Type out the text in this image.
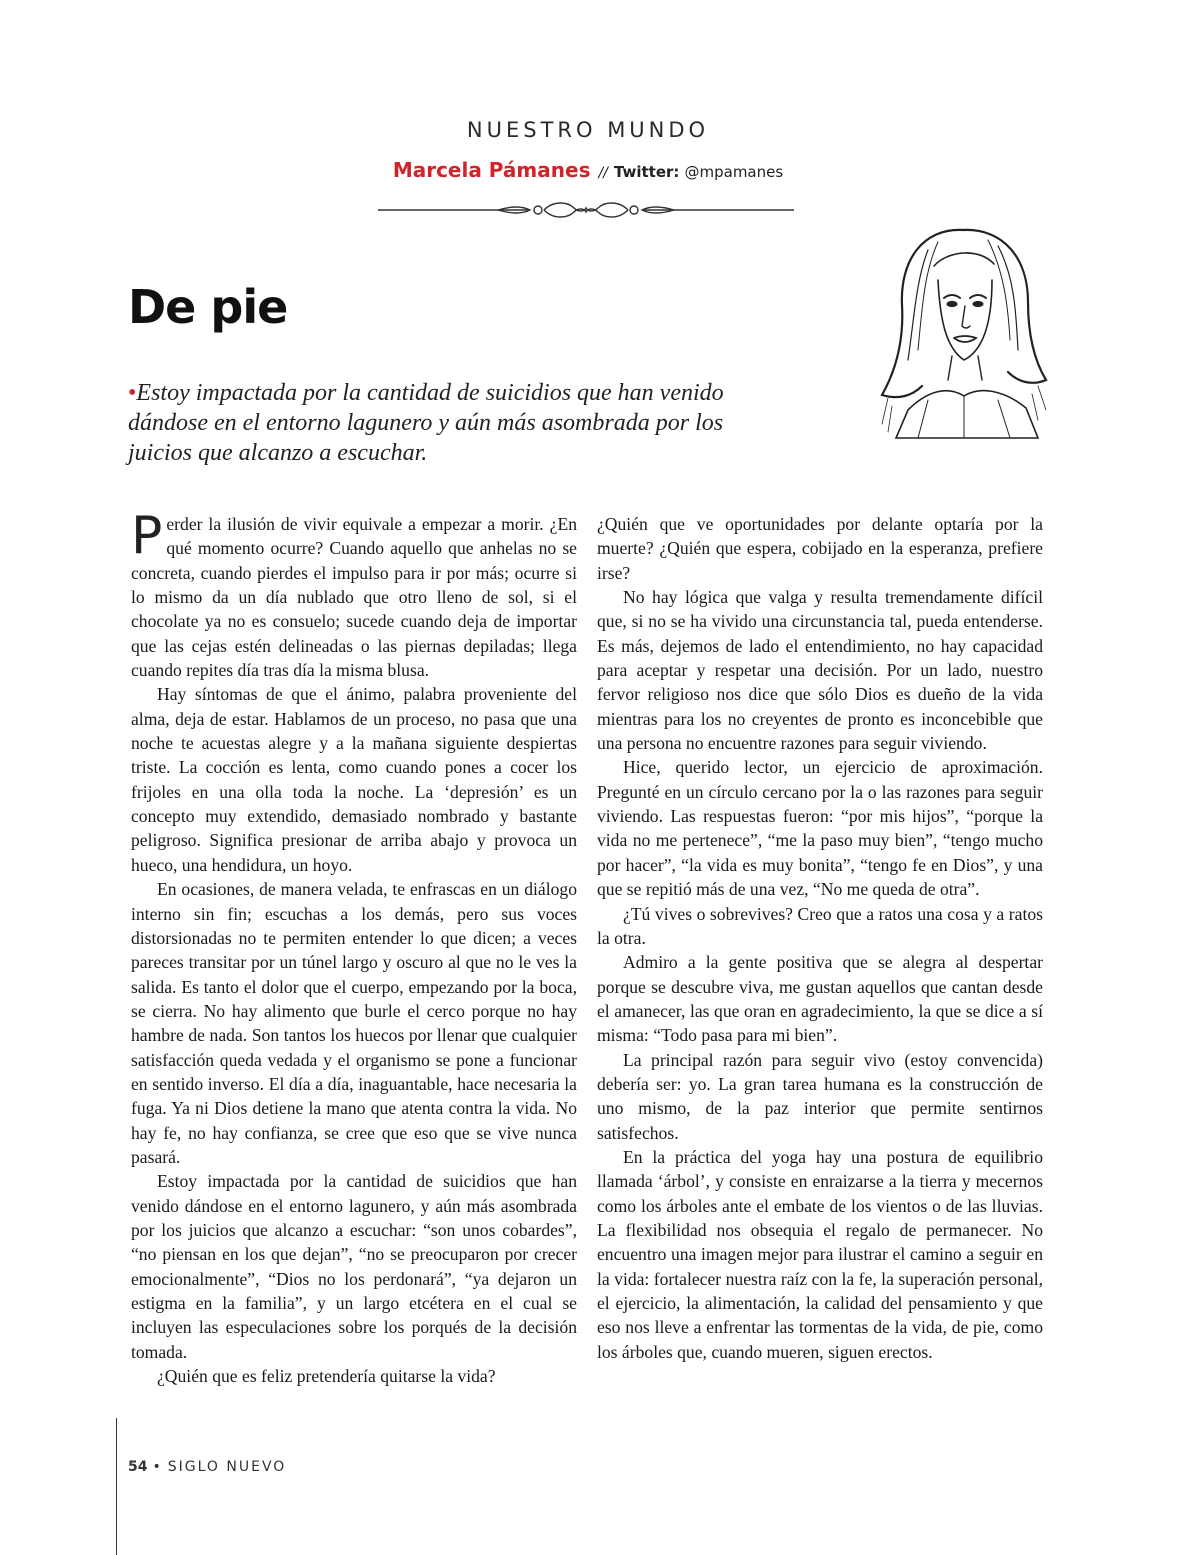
NUESTRO MUNDO
Marcela Pámanes // Twitter: @mpamanes
De pie

•Estoy impactada por la cantidad de suicidios que han venido dándose en el entorno lagunero y aún más asombrada por los juicios que alcanzo a escuchar.

Perder la ilusión de vivir equivale a empezar a morir. ¿En qué momento ocurre? Cuando aquello que anhelas no se concreta, cuando pierdes el impulso para ir por más; ocurre si lo mismo da un día nublado que otro lleno de sol, si el chocolate ya no es consuelo; sucede cuando deja de importar que las cejas estén delineadas o las piernas depiladas; llega cuando repites día tras día la misma blusa.

Hay síntomas de que el ánimo, palabra proveniente del alma, deja de estar. Hablamos de un proceso, no pasa que una noche te acuestas alegre y a la mañana siguiente despiertas triste. La cocción es lenta, como cuando pones a cocer los frijoles en una olla toda la noche. La ‘depresión’ es un concepto muy extendido, demasiado nombrado y bastante peligroso. Significa presionar de arriba abajo y provoca un hueco, una hendidura, un hoyo.

En ocasiones, de manera velada, te enfrascas en un diálogo interno sin fin; escuchas a los demás, pero sus voces distorsionadas no te permiten entender lo que dicen; a veces pareces transitar por un túnel largo y oscuro al que no le ves la salida. Es tanto el dolor que el cuerpo, empezando por la boca, se cierra. No hay alimento que burle el cerco porque no hay hambre de nada. Son tantos los huecos por llenar que cualquier satisfacción queda vedada y el organismo se pone a funcionar en sentido inverso. El día a día, inaguantable, hace necesaria la fuga. Ya ni Dios detiene la mano que atenta contra la vida. No hay fe, no hay confianza, se cree que eso que se vive nunca pasará.

Estoy impactada por la cantidad de suicidios que han venido dándose en el entorno lagunero, y aún más asombrada por los juicios que alcanzo a escuchar: “son unos cobardes”, “no piensan en los que dejan”, “no se preocuparon por crecer emocionalmente”, “Dios no los perdonará”, “ya dejaron un estigma en la familia”, y un largo etcétera en el cual se incluyen las especulaciones sobre los porqués de la decisión tomada.

¿Quién que es feliz pretendería quitarse la vida?

¿Quién que ve oportunidades por delante optaría por la muerte? ¿Quién que espera, cobijado en la esperanza, prefiere irse?

No hay lógica que valga y resulta tremendamente difícil que, si no se ha vivido una circunstancia tal, pueda entenderse. Es más, dejemos de lado el entendimiento, no hay capacidad para aceptar y respetar una decisión. Por un lado, nuestro fervor religioso nos dice que sólo Dios es dueño de la vida mientras para los no creyentes de pronto es inconcebible que una persona no encuentre razones para seguir viviendo.

Hice, querido lector, un ejercicio de aproximación. Pregunté en un círculo cercano por la o las razones para seguir viviendo. Las respuestas fueron: “por mis hijos”, “porque la vida no me pertenece”, “me la paso muy bien”, “tengo mucho por hacer”, “la vida es muy bonita”, “tengo fe en Dios”, y una que se repitió más de una vez, “No me queda de otra”.

¿Tú vives o sobrevives? Creo que a ratos una cosa y a ratos la otra.

Admiro a la gente positiva que se alegra al despertar porque se descubre viva, me gustan aquellos que cantan desde el amanecer, las que oran en agradecimiento, la que se dice a sí misma: “Todo pasa para mi bien”.

La principal razón para seguir vivo (estoy convencida) debería ser: yo. La gran tarea humana es la construcción de uno mismo, de la paz interior que permite sentirnos satisfechos.

En la práctica del yoga hay una postura de equilibrio llamada ‘árbol’, y consiste en enraizarse a la tierra y mecernos como los árboles ante el embate de los vientos o de las lluvias. La flexibilidad nos obsequia el regalo de permanecer. No encuentro una imagen mejor para ilustrar el camino a seguir en la vida: fortalecer nuestra raíz con la fe, la superación personal, el ejercicio, la alimentación, la calidad del pensamiento y que eso nos lleve a enfrentar las tormentas de la vida, de pie, como los árboles que, cuando mueren, siguen erectos.

54 • SIGLO NUEVO
